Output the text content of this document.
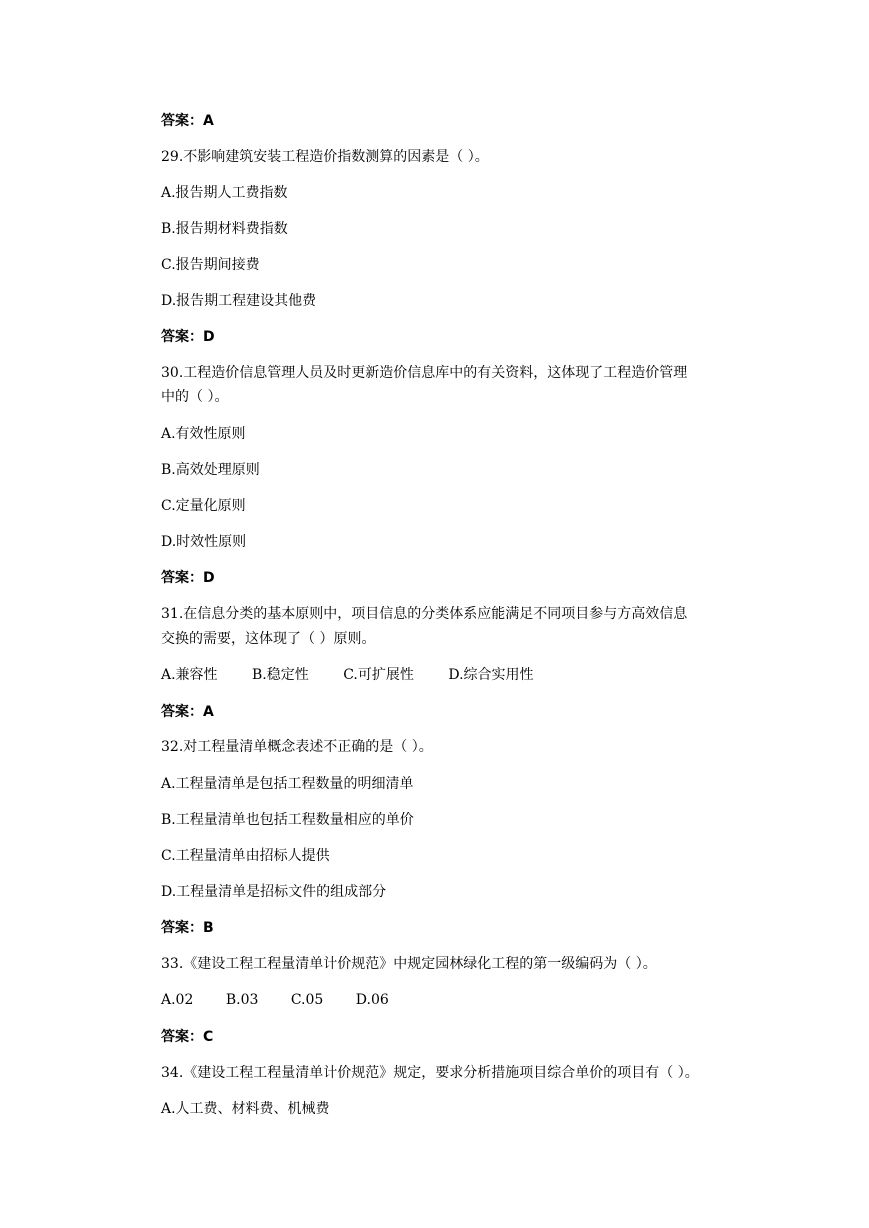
答案：A
29.不影响建筑安装工程造价指数测算的因素是（ ）。
A.报告期人工费指数
B.报告期材料费指数
C.报告期间接费
D.报告期工程建设其他费
答案：D
30.工程造价信息管理人员及时更新造价信息库中的有关资料，这体现了工程造价管理
中的（ ）。
A.有效性原则
B.高效处理原则
C.定量化原则
D.时效性原则
答案：D
31.在信息分类的基本原则中，项目信息的分类体系应能满足不同项目参与方高效信息
交换的需要，这体现了（ ）原则。
A.兼容性 B.稳定性 C.可扩展性 D.综合实用性
答案：A
32.对工程量清单概念表述不正确的是（ ）。
A.工程量清单是包括工程数量的明细清单
B.工程量清单也包括工程数量相应的单价
C.工程量清单由招标人提供
D.工程量清单是招标文件的组成部分
答案：B
33.《建设工程工程量清单计价规范》中规定园林绿化工程的第一级编码为（ ）。
A.02 B.03 C.05 D.06
答案：C
34.《建设工程工程量清单计价规范》规定，要求分析措施项目综合单价的项目有（ ）。
A.人工费、材料费、机械费
